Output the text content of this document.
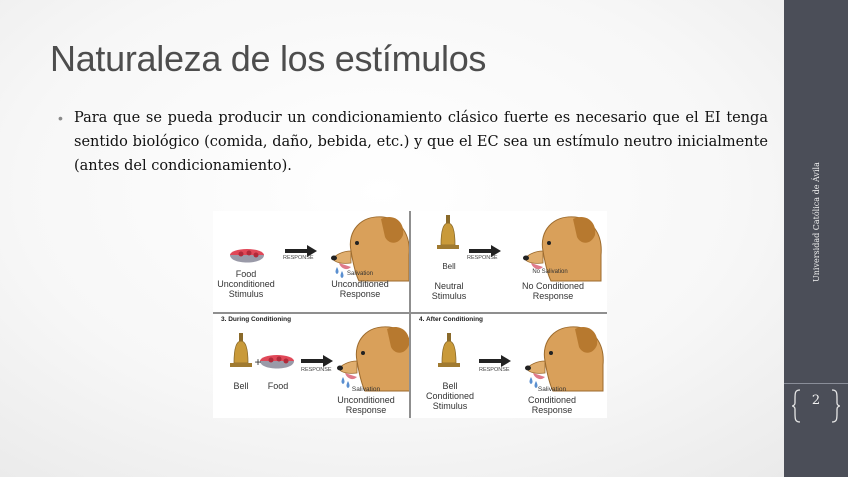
Naturaleza de los estímulos
• Para que se pueda producir un condicionamiento clásico fuerte es necesario que el EI tenga sentido biológico (comida, daño, bebida, etc.) y que el EC sea un estímulo neutro inicialmente (antes del condicionamiento).

RESPONSE
Food
Unconditioned
Stimulus
Salivation
Unconditioned
Response
RESPONSE
Bell
No Salivation
Neutral
Stimulus
No Conditioned
Response
3. During Conditioning
+
RESPONSE
Bell	Food	Salivation
Unconditioned
Response
4. After Conditioning
RESPONSE
Bell
Conditioned
Stimulus
Salivation
Conditioned
Response
Universidad Católica de Ávila
2
